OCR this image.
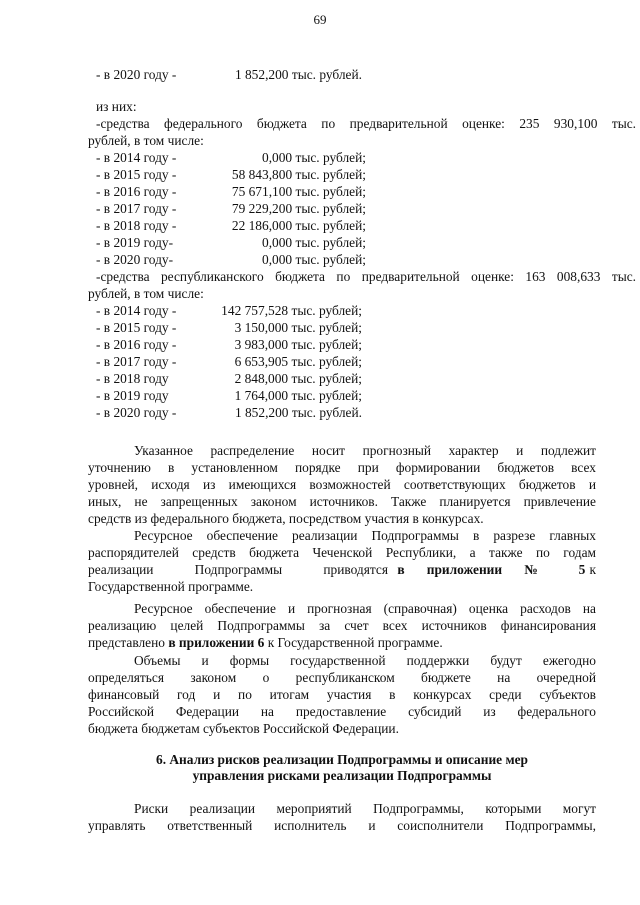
69
- в 2020 году -	1 852,200 тыс. рублей.
из них:
-средства федерального бюджета по предварительной оценке: 235 930,100 тыс.
рублей, в том числе:
- в 2014 году -	0,000 тыс. рублей;
- в 2015 году -	58 843,800 тыс. рублей;
- в 2016 году -	75 671,100 тыс. рублей;
- в 2017 году -	79 229,200 тыс. рублей;
- в 2018 году -	22 186,000 тыс. рублей;
- в 2019 году-	0,000 тыс. рублей;
- в 2020 году-	0,000 тыс. рублей;
-средства республиканского бюджета по предварительной оценке: 163 008,633 тыс.
рублей, в том числе:
- в 2014 году -	142 757,528 тыс. рублей;
- в 2015 году -	3 150,000 тыс. рублей;
- в 2016 году -	3 983,000 тыс. рублей;
- в 2017 году -	6 653,905 тыс. рублей;
- в 2018 году	2 848,000 тыс. рублей;
- в 2019 году	1 764,000 тыс. рублей;
- в 2020 году -	1 852,200 тыс. рублей.
Указанное распределение носит прогнозный характер и подлежит
уточнению в установленном порядке при формировании бюджетов всех
уровней, исходя из имеющихся возможностей соответствующих бюджетов и
иных, не запрещенных законом источников. Также планируется привлечение
средств из федерального бюджета, посредством участия в конкурсах.
Ресурсное обеспечение реализации Подпрограммы в разрезе главных
распорядителей средств бюджета Чеченской Республики, а также по годам
реализации Подпрограммы приводятся в приложении № 5 к
Государственной программе.
Ресурсное обеспечение и прогнозная (справочная) оценка расходов на
реализацию целей Подпрограммы за счет всех источников финансирования
представлено в приложении 6 к Государственной программе.
Объемы и формы государственной поддержки будут ежегодно
определяться законом о республиканском бюджете на очередной
финансовый год и по итогам участия в конкурсах среди субъектов
Российской Федерации на предоставление субсидий из федерального
бюджета бюджетам субъектов Российской Федерации.
6. Анализ рисков реализации Подпрограммы и описание мер
управления рисками реализации Подпрограммы
Риски реализации мероприятий Подпрограммы, которыми могут
управлять ответственный исполнитель и соисполнители Подпрограммы,
